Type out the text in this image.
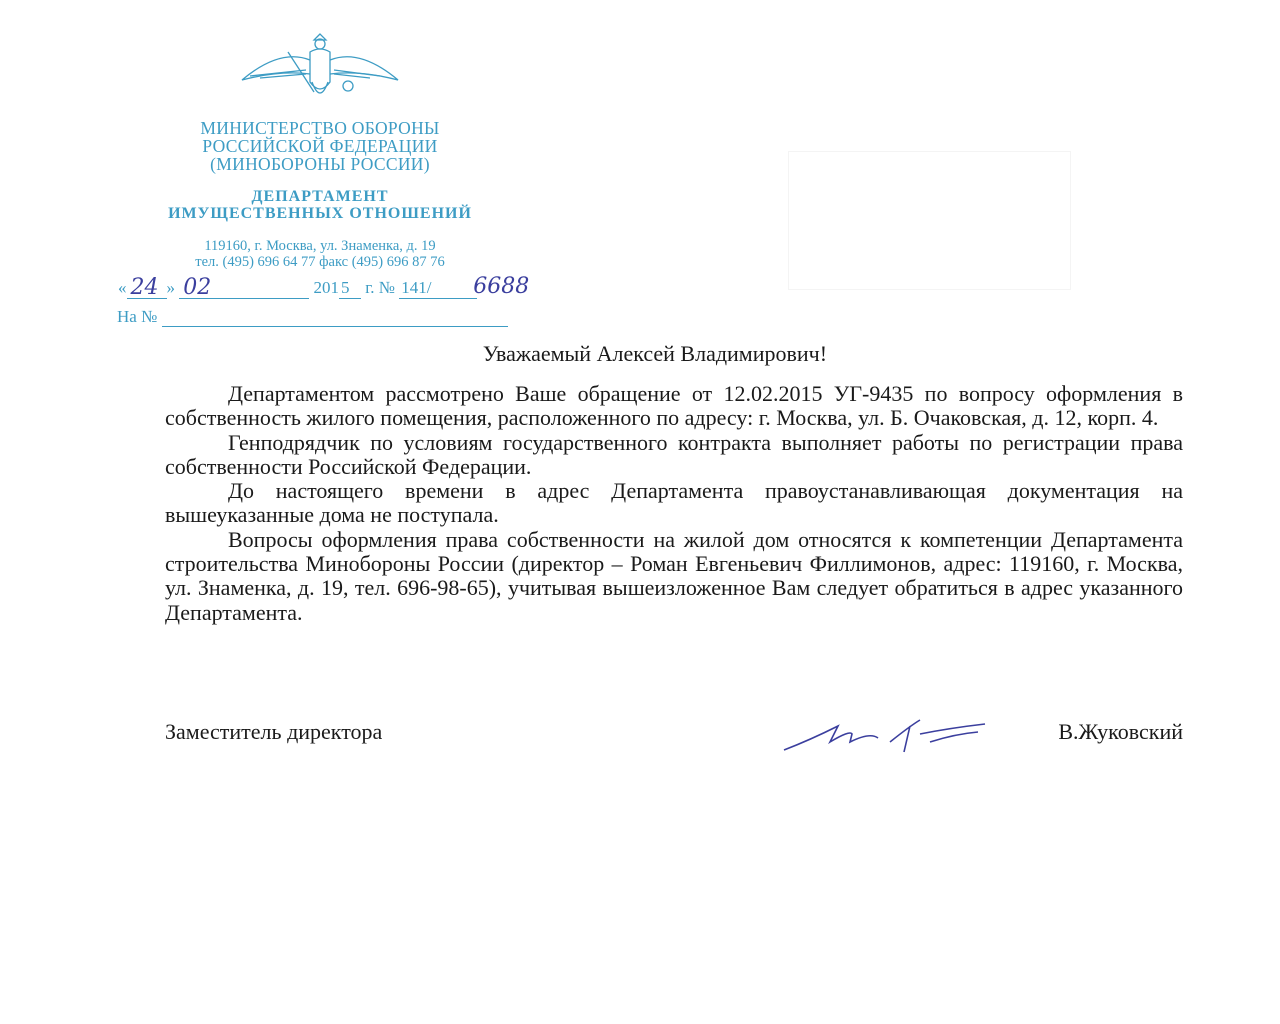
МИНИСТЕРСТВО ОБОРОНЫ
РОССИЙСКОЙ ФЕДЕРАЦИИ
(МИНОБОРОНЫ РОССИИ)
ДЕПАРТАМЕНТ
ИМУЩЕСТВЕННЫХ ОТНОШЕНИЙ
119160, г. Москва, ул. Знаменка, д. 19
тел. (495) 696 64 77 факс (495) 696 87 76
« 24 » 02	201 5 г. № 141/ 6688
На №
Уважаемый Алексей Владимирович!

Департаментом рассмотрено Ваше обращение от 12.02.2015 УГ-9435 по вопросу оформления в собственность жилого помещения, расположенного по адресу: г. Москва, ул. Б. Очаковская, д. 12, корп. 4.

Генподрядчик по условиям государственного контракта выполняет работы по регистрации права собственности Российской Федерации.

До настоящего времени в адрес Департамента правоустанавливающая документация на вышеуказанные дома не поступала.

Вопросы оформления права собственности на жилой дом относятся к компетенции Департамента строительства Минобороны России (директор – Роман Евгеньевич Филлимонов, адрес: 119160, г. Москва, ул. Знаменка, д. 19, тел. 696-98-65), учитывая вышеизложенное Вам следует обратиться в адрес указанного Департамента.

Заместитель директора	В.Жуковский
